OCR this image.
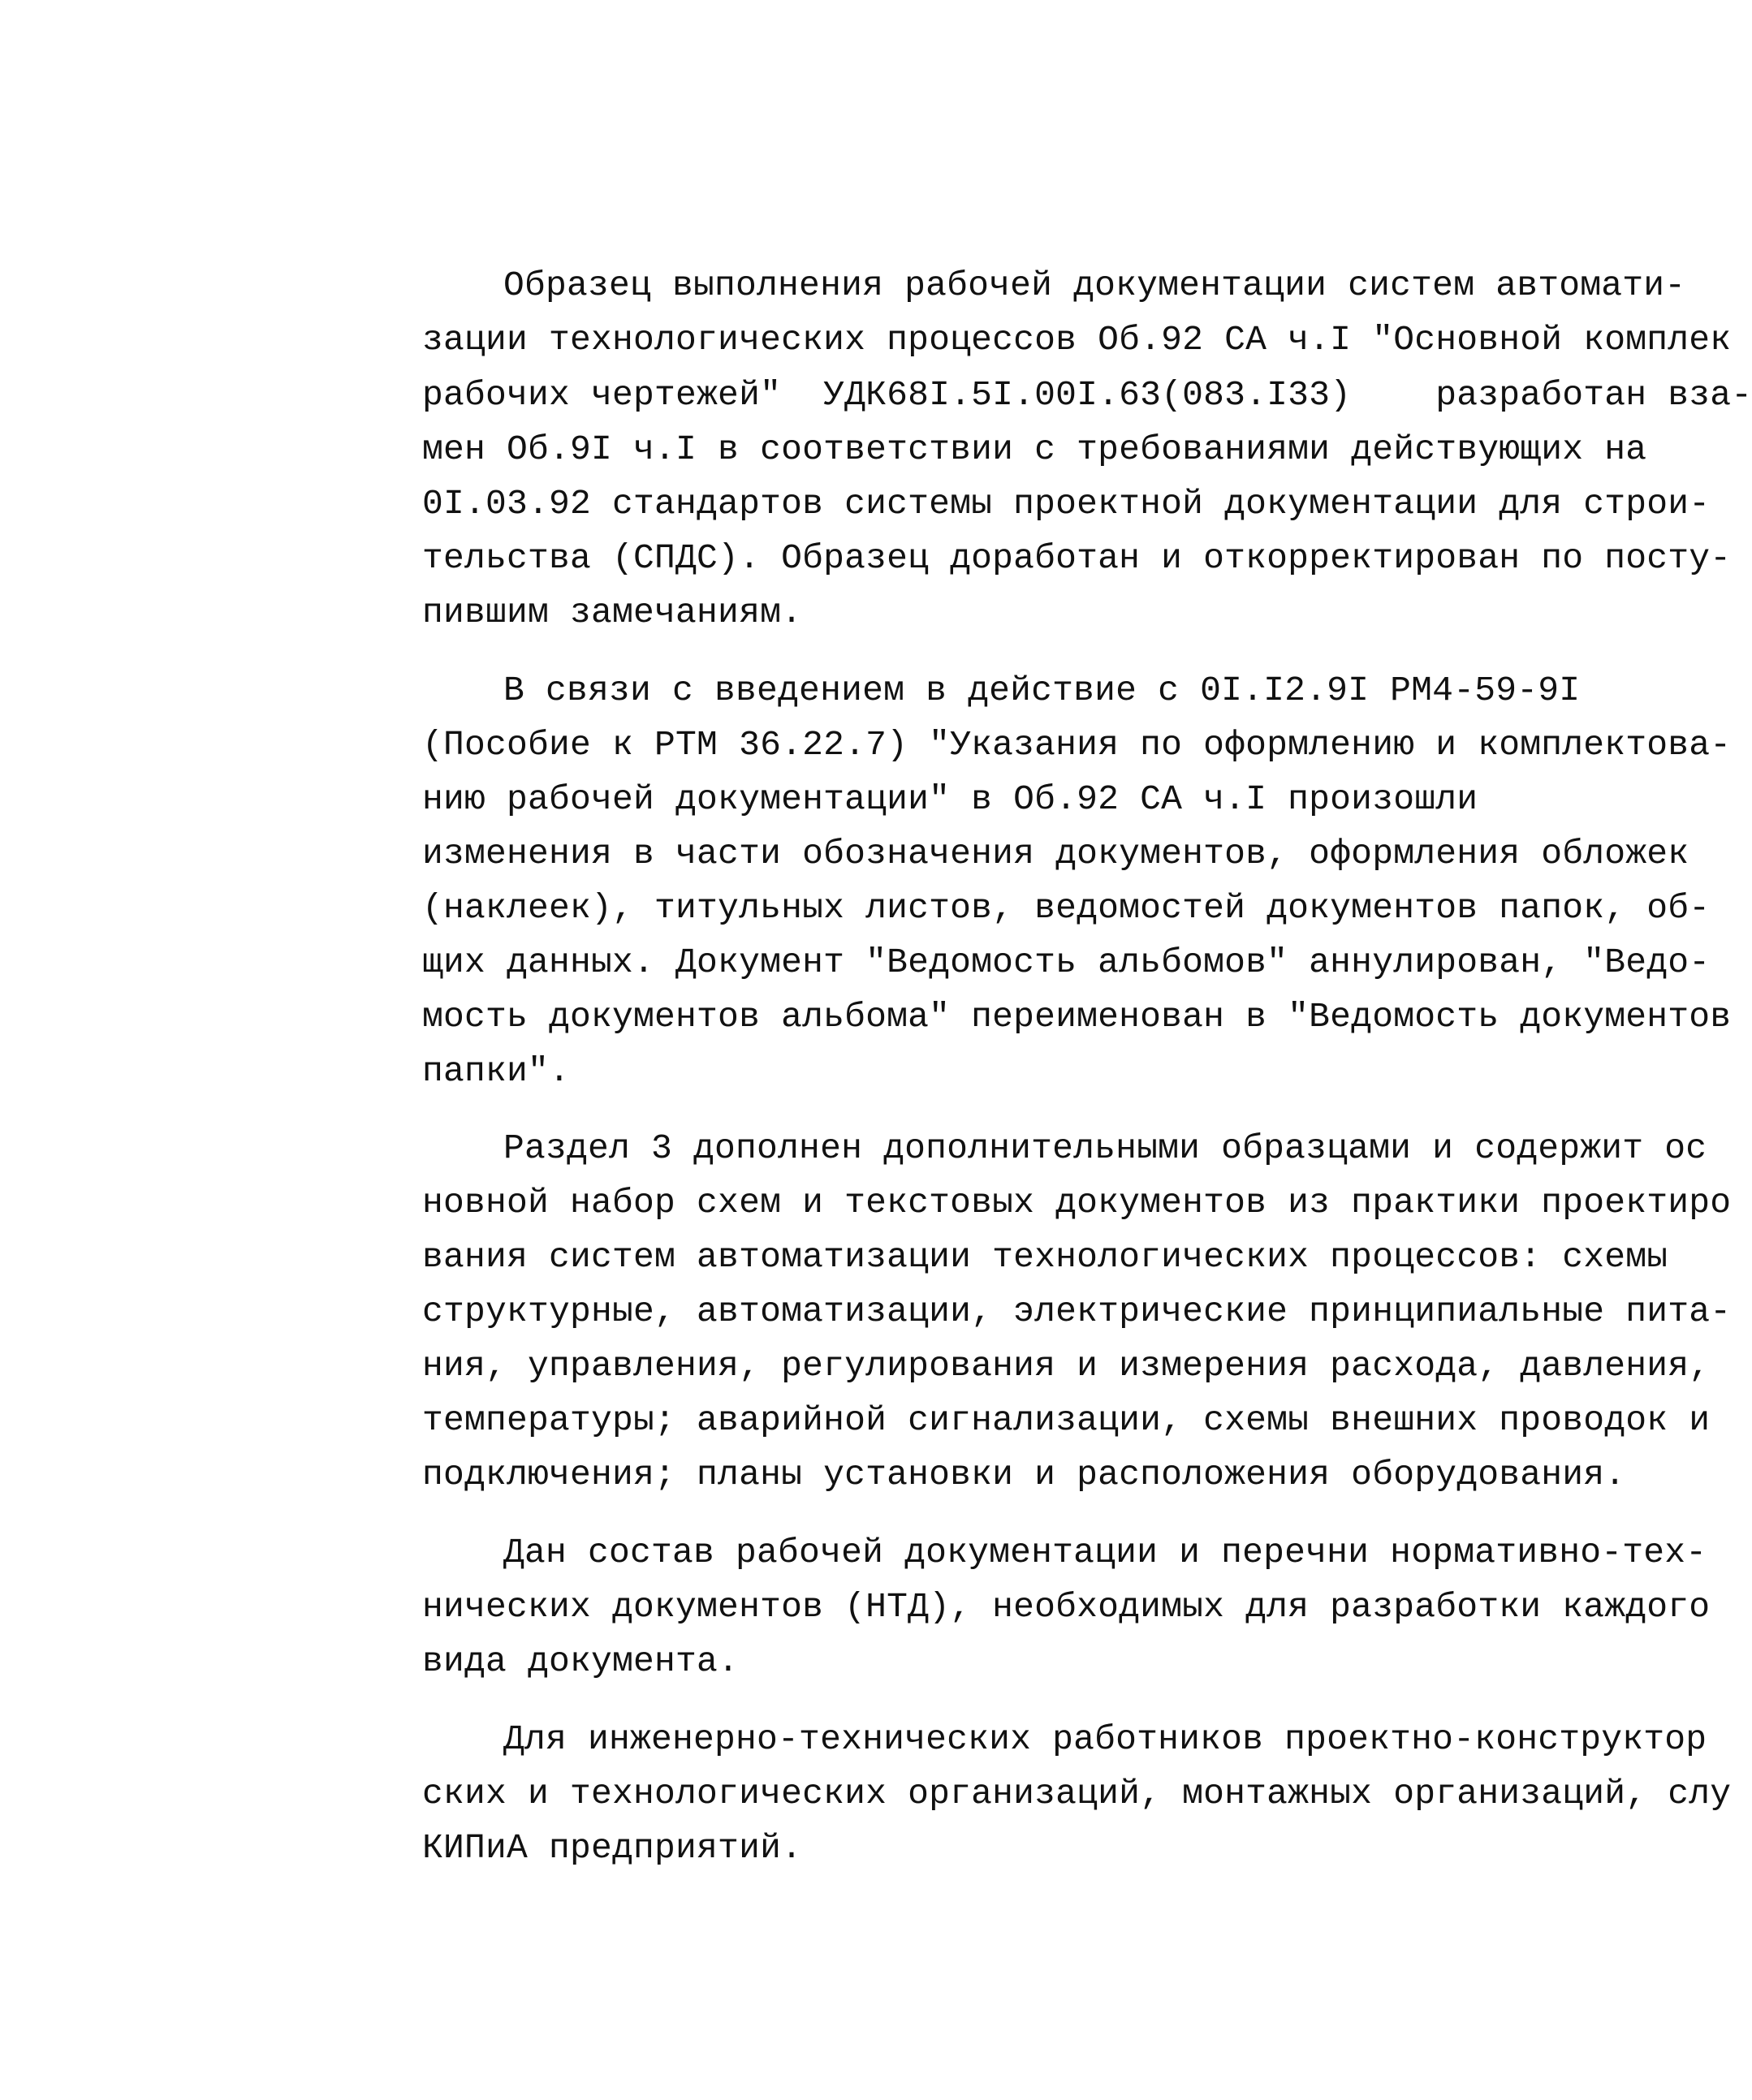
Образец выполнения рабочей документации систем автомати-
зации технологических процессов Об.92 СА ч.I "Основной комплек
рабочих чертежей"  УДК68I.5I.00I.63(083.I33)    разработан вза-
мен Об.9I ч.I в соответствии с требованиями действующих на
0I.03.92 стандартов системы проектной документации для строи-
тельства (СПДС). Образец доработан и откорректирован по посту-
пившим замечаниям.
В связи с введением в действие с 0I.I2.9I РМ4-59-9I
(Пособие к РТМ 36.22.7) "Указания по оформлению и комплектова-
нию рабочей документации" в Об.92 СА ч.I произошли
изменения в части обозначения документов, оформления обложек
(наклеек), титульных листов, ведомостей документов папок, об-
щих данных. Документ "Ведомость альбомов" аннулирован, "Ведо-
мость документов альбома" переименован в "Ведомость документов
папки".
Раздел 3 дополнен дополнительными образцами и содержит ос
новной набор схем и текстовых документов из практики проектиро
вания систем автоматизации технологических процессов: схемы
структурные, автоматизации, электрические принципиальные пита-
ния, управления, регулирования и измерения расхода, давления,
температуры; аварийной сигнализации, схемы внешних проводок и
подключения; планы установки и расположения оборудования.
Дан состав рабочей документации и перечни нормативно-тех-
нических документов (НТД), необходимых для разработки каждого
вида документа.
Для инженерно-технических работников проектно-конструктор
ских и технологических организаций, монтажных организаций, слу
КИПиА предприятий.
